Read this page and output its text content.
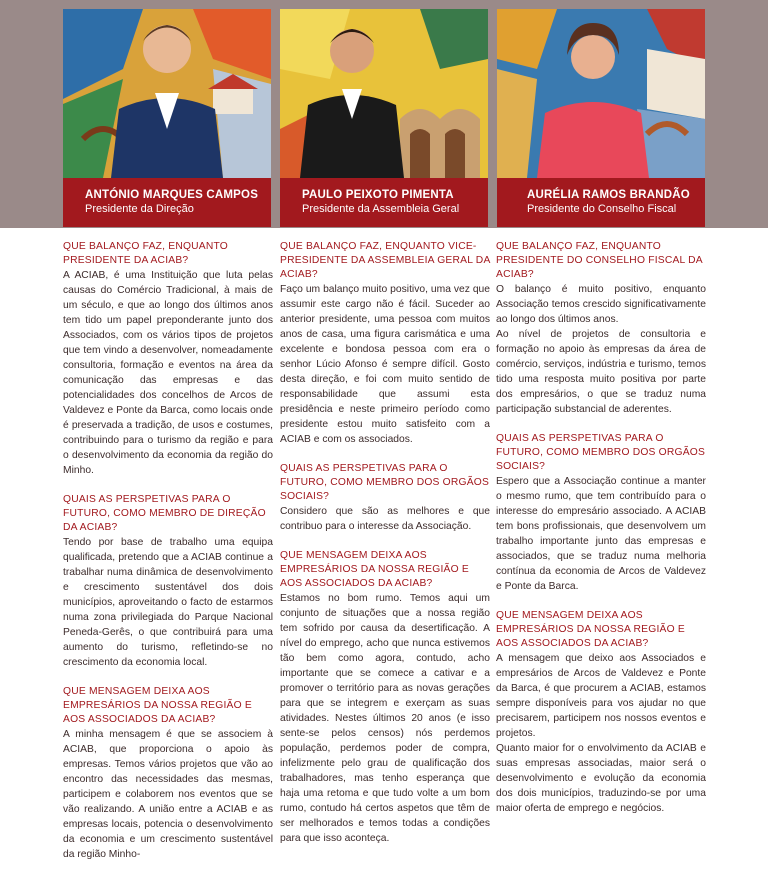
ANTÓNIO MARQUES CAMPOS
Presidente da Direção
PAULO PEIXOTO PIMENTA
Presidente da Assembleia Geral
AURÉLIA RAMOS BRANDÃO
Presidente do Conselho Fiscal
QUE BALANÇO FAZ, ENQUANTO PRESIDENTE DA ACIAB?
A ACIAB, é uma Instituição que luta pelas causas do Comércio Tradicional, à mais de um século, e que ao longo dos últimos anos tem tido um papel preponderante junto dos Associados, com os vários tipos de projetos que tem vindo a desenvolver, nomeadamente consultoria, formação e eventos na área da comunicação das empresas e das potencialidades dos concelhos de Arcos de Valdevez e Ponte da Barca, como locais onde é preservada a tradição, de usos e costumes, contribuindo para o turismo da região e para o desenvolvimento da economia da região do Minho.
QUAIS AS PERSPETIVAS PARA O FUTURO, COMO MEMBRO DE DIREÇÃO DA ACIAB?
Tendo por base de trabalho uma equipa qualificada, pretendo que a ACIAB continue a trabalhar numa dinâmica de desenvolvimento e crescimento sustentável dos dois municípios, aproveitando o facto de estarmos numa zona privilegiada do Parque Nacional Peneda-Gerês, o que contribuirá para uma aumento do turismo, refletindo-se no crescimento da economia local.
QUE MENSAGEM DEIXA AOS EMPRESÁRIOS DA NOSSA REGIÃO E AOS ASSOCIADOS DA ACIAB?
A minha mensagem é que se associem à ACIAB, que proporciona o apoio às empresas. Temos vários projetos que vão ao encontro das necessidades das mesmas, participem e colaborem nos eventos que se vão realizando. A união entre a ACIAB e as empresas locais, potencia o desenvolvimento da economia e um crescimento sustentável da região Minho-
QUE BALANÇO FAZ, ENQUANTO VICE-PRESIDENTE DA ASSEMBLEIA GERAL DA ACIAB?
Faço um balanço muito positivo, uma vez que assumir este cargo não é fácil. Suceder ao anterior presidente, uma pessoa com muitos anos de casa, uma figura carismática e uma excelente e bondosa pessoa com era o senhor Lúcio Afonso é sempre difícil. Gosto desta direção, e foi com muito sentido de responsabilidade que assumi esta presidência e neste primeiro período como presidente estou muito satisfeito com a ACIAB e com os associados.
QUAIS AS PERSPETIVAS PARA O FUTURO, COMO MEMBRO DOS ORGÃOS SOCIAIS?
Considero que são as melhores e que contribuo para o interesse da Associação.
QUE MENSAGEM DEIXA AOS EMPRESÁRIOS DA NOSSA REGIÃO E AOS ASSOCIADOS DA ACIAB?
Estamos no bom rumo. Temos aqui um conjunto de situações que a nossa região tem sofrido por causa da desertificação. A nível do emprego, acho que nunca estivemos tão bem como agora, contudo, acho importante que se comece a cativar e a promover o território para as novas gerações para que se integrem e exerçam as suas atividades. Nestes últimos 20 anos (e isso sente-se pelos censos) nós perdemos população, perdemos poder de compra, infelizmente pelo grau de qualificação dos trabalhadores, mas tenho esperança que haja uma retoma e que tudo volte a um bom rumo, contudo há certos aspetos que têm de ser melhorados e temos todas a condições para que isso aconteça.
QUE BALANÇO FAZ, ENQUANTO PRESIDENTE DO CONSELHO FISCAL DA ACIAB?
O balanço é muito positivo, enquanto Associação temos crescido significativamente ao longo dos últimos anos.
Ao nível de projetos de consultoria e formação no apoio às empresas da área de comércio, serviços, indústria e turismo, temos tido uma resposta muito positiva por parte dos empresários, o que se traduz numa participação substancial de aderentes.
QUAIS AS PERSPETIVAS PARA O FUTURO, COMO MEMBRO DOS ORGÃOS SOCIAIS?
Espero que a Associação continue a manter o mesmo rumo, que tem contribuído para o interesse do empresário associado. A ACIAB tem bons profissionais, que desenvolvem um trabalho importante junto das empresas e associados, que se traduz numa melhoria contínua da economia de Arcos de Valdevez e Ponte da Barca.
QUE MENSAGEM DEIXA AOS EMPRESÁRIOS DA NOSSA REGIÃO E AOS ASSOCIADOS DA ACIAB?
A mensagem que deixo aos Associados e empresários de Arcos de Valdevez e Ponte da Barca, é que procurem a ACIAB, estamos sempre disponíveis para vos ajudar no que precisarem, participem nos nossos eventos e projetos.
Quanto maior for o envolvimento da ACIAB e suas empresas associadas, maior será o desenvolvimento e evolução da economia dos dois municípios, traduzindo-se por uma maior oferta de emprego e negócios.
